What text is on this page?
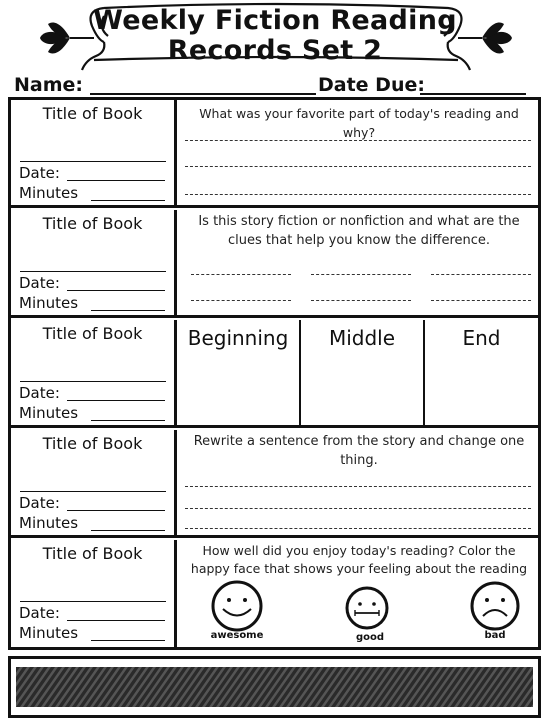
Weekly Fiction Reading
Records Set 2
Name:	Date Due:
Title of Book
Date:
Minutes
What was your favorite part of today's reading and why?
Title of Book
Date:
Minutes
Is this story fiction or nonfiction and what are the clues that help you know the difference.
Title of Book
Date:
Minutes
Beginning	Middle	End
Title of Book
Date:
Minutes
Rewrite a sentence from the story and change one thing.
Title of Book
Date:
Minutes
How well did you enjoy today's reading? Color the happy face that shows your feeling about the reading
awesome	good	bad
